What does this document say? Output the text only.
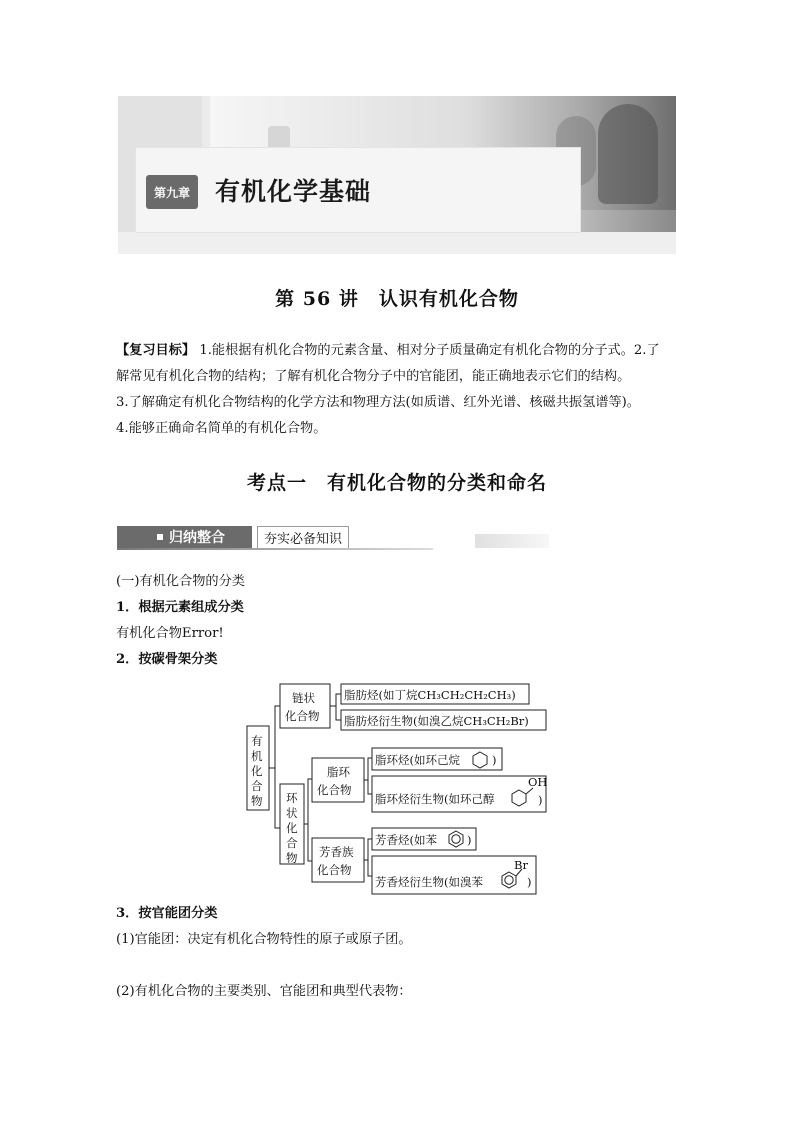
第九章	有机化学基础
第 56 讲　认识有机化合物

【复习目标】 1.能根据有机化合物的元素含量、相对分子质量确定有机化合物的分子式。2.了

解常见有机化合物的结构；了解有机化合物分子中的官能团，能正确地表示它们的结构。

3.了解确定有机化合物结构的化学方法和物理方法(如质谱、红外光谱、核磁共振氢谱等)。

4.能够正确命名简单的有机化合物。

考点一　有机化合物的分类和命名
归纳整合	夯实必备知识
(一)有机化合物的分类
1．根据元素组成分类
有机化合物Error!
2．按碳骨架分类
有
机
化
合
物
链状
化合物
脂肪烃(如丁烷CH₃CH₂CH₂CH₃)
脂肪烃衍生物(如溴乙烷CH₃CH₂Br)
环
状
化
合
物
脂环
化合物
脂环烃(如环己烷	)
脂环烃衍生物(如环己醇
OH
)
芳香族
化合物
芳香烃(如苯	)
芳香烃衍生物(如溴苯
Br
)
3．按官能团分类
(1)官能团：决定有机化合物特性的原子或原子团。
(2)有机化合物的主要类别、官能团和典型代表物：
